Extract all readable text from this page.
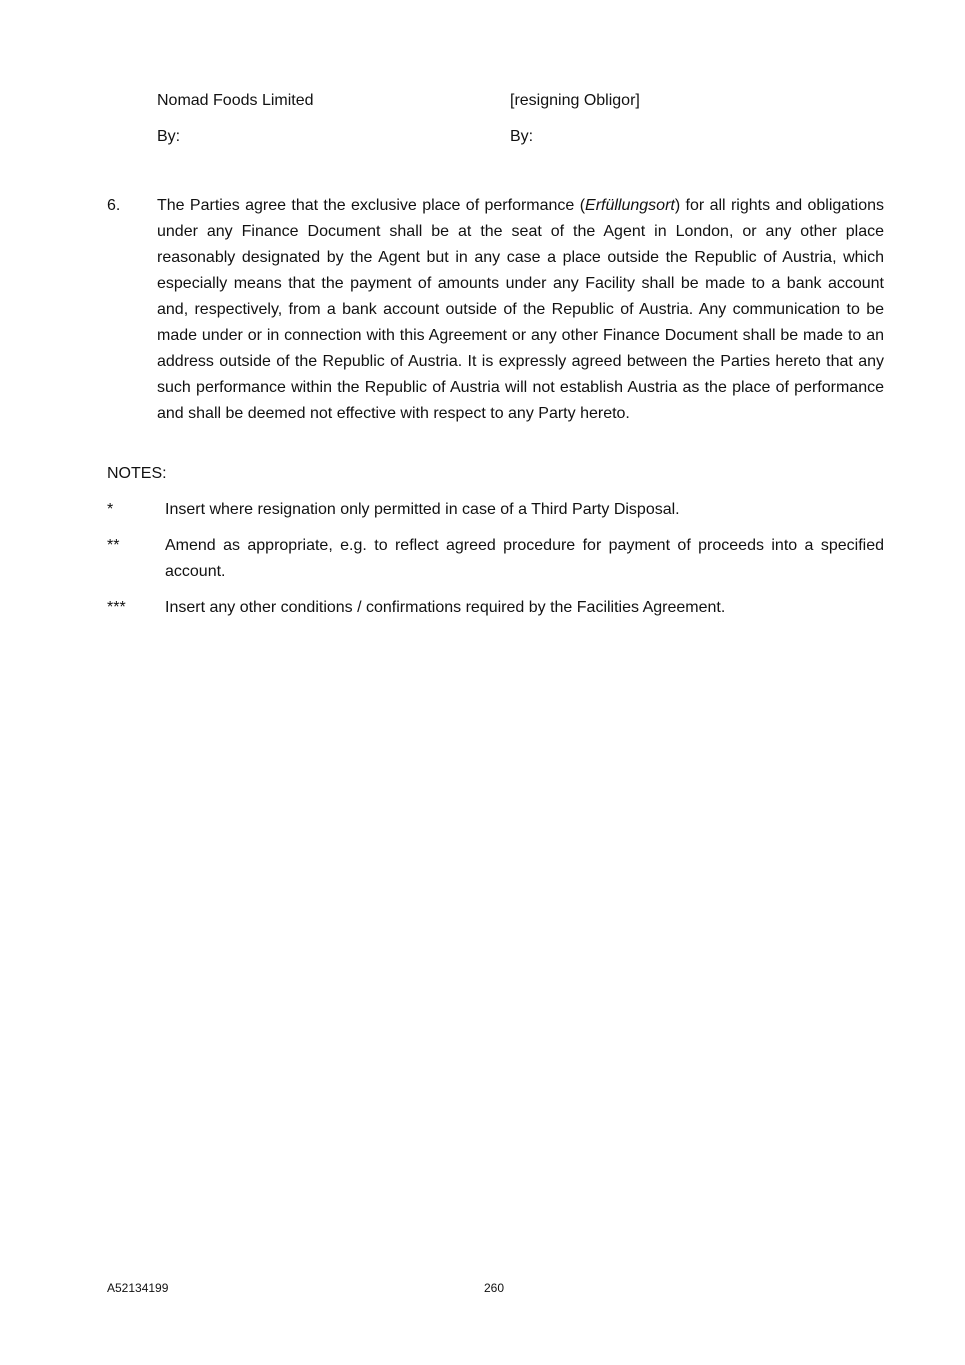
Nomad Foods Limited	[resigning Obligor]
By:	By:
6. The Parties agree that the exclusive place of performance (Erfüllungsort) for all rights and obligations under any Finance Document shall be at the seat of the Agent in London, or any other place reasonably designated by the Agent but in any case a place outside the Republic of Austria, which especially means that the payment of amounts under any Facility shall be made to a bank account and, respectively, from a bank account outside of the Republic of Austria. Any communication to be made under or in connection with this Agreement or any other Finance Document shall be made to an address outside of the Republic of Austria. It is expressly agreed between the Parties hereto that any such performance within the Republic of Austria will not establish Austria as the place of performance and shall be deemed not effective with respect to any Party hereto.
NOTES:
*	Insert where resignation only permitted in case of a Third Party Disposal.
**	Amend as appropriate, e.g. to reflect agreed procedure for payment of proceeds into a specified account.
*** Insert any other conditions / confirmations required by the Facilities Agreement.
A52134199	260
